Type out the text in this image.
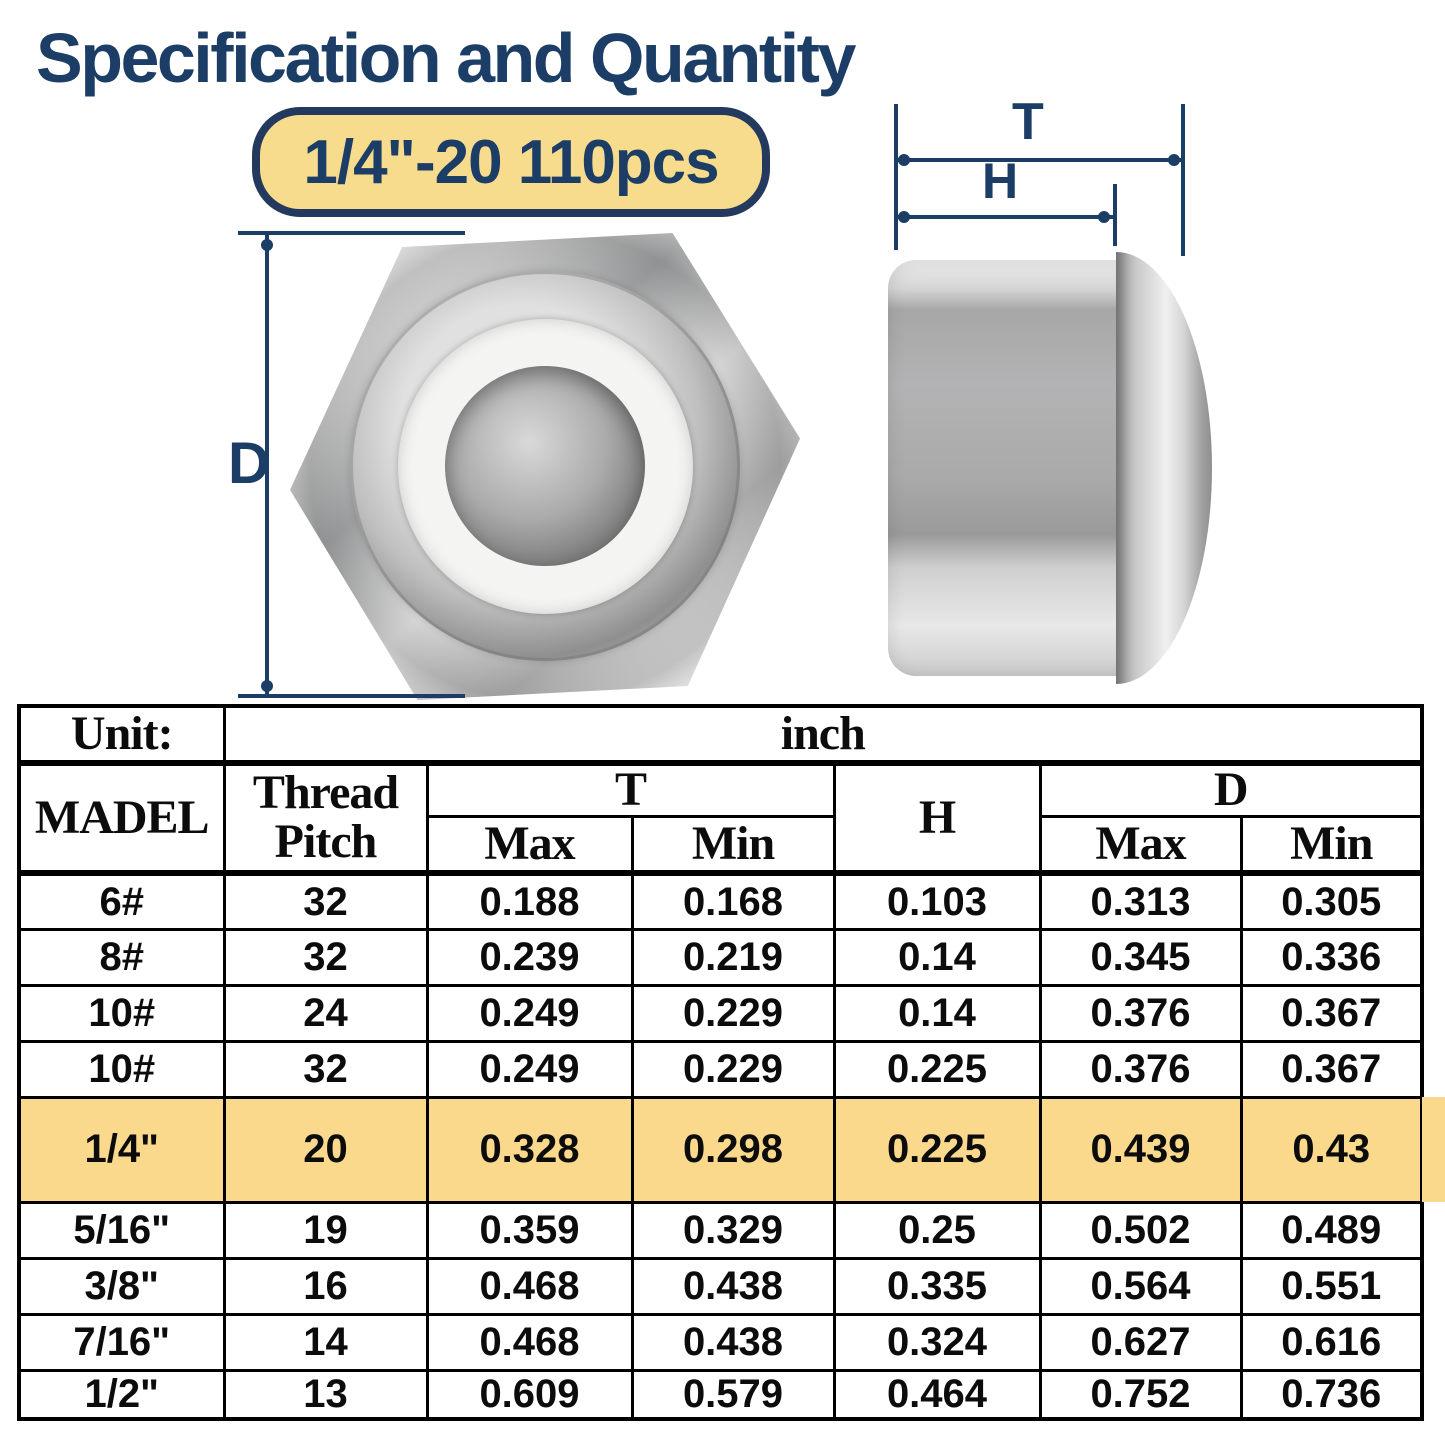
Specification and Quantity
1/4"-20 110pcs
D
T
H
Unit:	inch					
MADEL	Thread Pitch	T		H	D	
		Max	Min		Max	Min
6#	32	0.188	0.168	0.103	0.313	0.305
8#	32	0.239	0.219	0.14	0.345	0.336
10#	24	0.249	0.229	0.14	0.376	0.367
10#	32	0.249	0.229	0.225	0.376	0.367
1/4"	20	0.328	0.298	0.225	0.439	0.43
5/16"	19	0.359	0.329	0.25	0.502	0.489
3/8"	16	0.468	0.438	0.335	0.564	0.551
7/16"	14	0.468	0.438	0.324	0.627	0.616
1/2"	13	0.609	0.579	0.464	0.752	0.736
